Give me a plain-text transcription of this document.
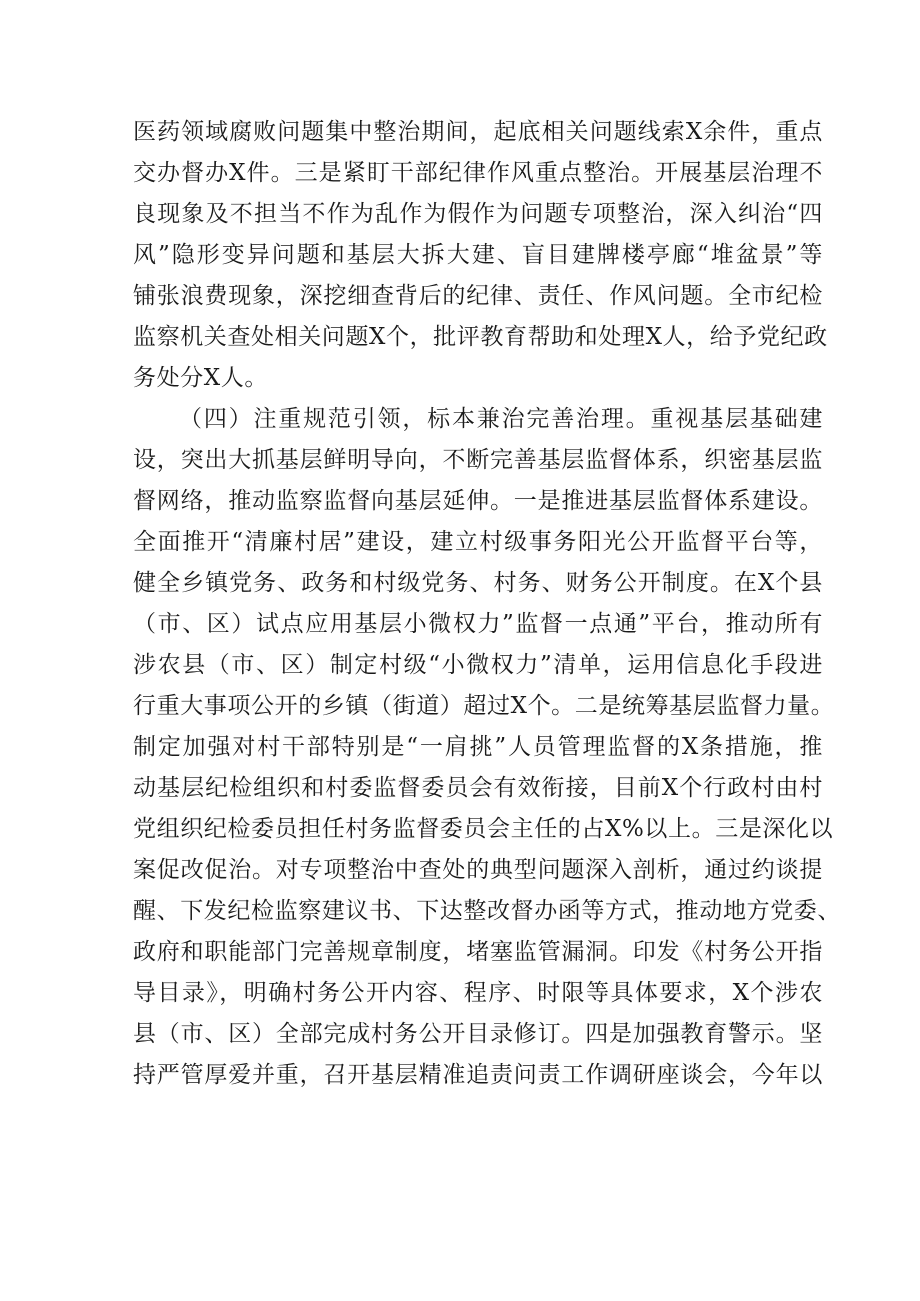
医药领域腐败问题集中整治期间，起底相关问题线索X余件，重点
交办督办X件。三是紧盯干部纪律作风重点整治。开展基层治理不
良现象及不担当不作为乱作为假作为问题专项整治，深入纠治“四
风”隐形变异问题和基层大拆大建、盲目建牌楼亭廊“堆盆景”等
铺张浪费现象，深挖细查背后的纪律、责任、作风问题。全市纪检
监察机关查处相关问题X个，批评教育帮助和处理X人，给予党纪政
务处分X人。
（四）注重规范引领，标本兼治完善治理。重视基层基础建
设，突出大抓基层鲜明导向，不断完善基层监督体系，织密基层监
督网络，推动监察监督向基层延伸。一是推进基层监督体系建设。
全面推开“清廉村居”建设，建立村级事务阳光公开监督平台等，
健全乡镇党务、政务和村级党务、村务、财务公开制度。在X个县
（市、区）试点应用基层小微权力”监督一点通”平台，推动所有
涉农县（市、区）制定村级“小微权力”清单，运用信息化手段进
行重大事项公开的乡镇（街道）超过X个。二是统筹基层监督力量。
制定加强对村干部特别是“一肩挑”人员管理监督的X条措施，推
动基层纪检组织和村委监督委员会有效衔接，目前X个行政村由村
党组织纪检委员担任村务监督委员会主任的占X%以上。三是深化以
案促改促治。对专项整治中查处的典型问题深入剖析，通过约谈提
醒、下发纪检监察建议书、下达整改督办函等方式，推动地方党委、
政府和职能部门完善规章制度，堵塞监管漏洞。印发《村务公开指
导目录》，明确村务公开内容、程序、时限等具体要求，X个涉农
县（市、区）全部完成村务公开目录修订。四是加强教育警示。坚
持严管厚爱并重，召开基层精准追责问责工作调研座谈会，今年以
